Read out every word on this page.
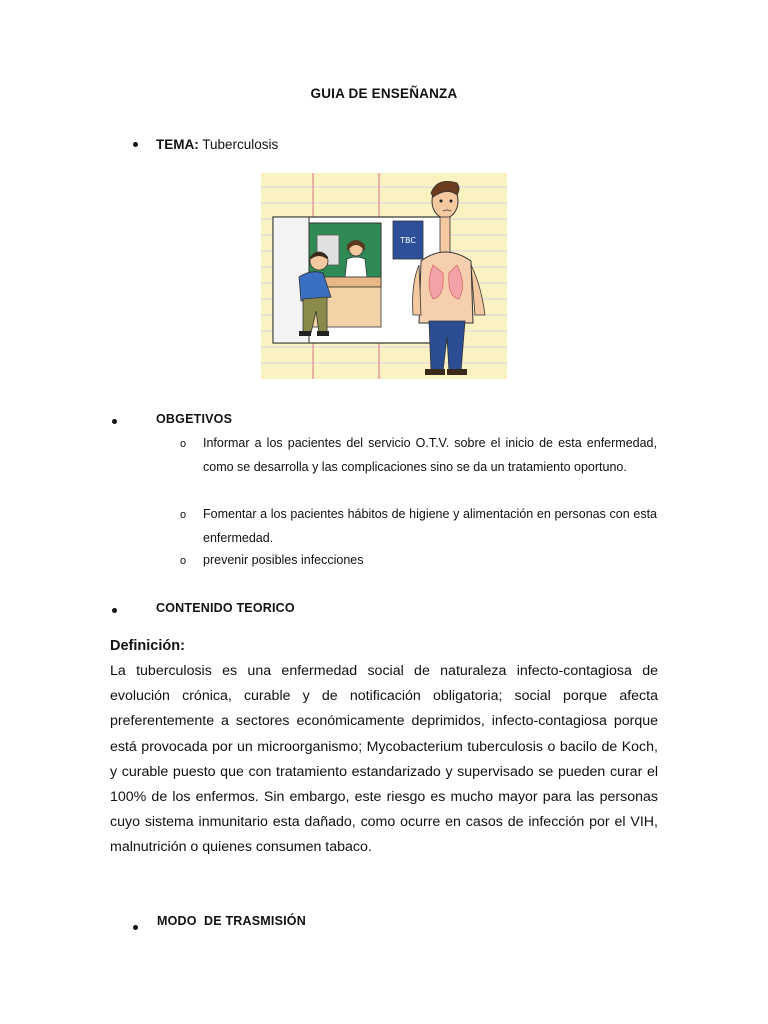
GUIA DE ENSEÑANZA
TEMA: Tuberculosis
TBC
OBGETIVOS
o Informar a los pacientes del servicio O.T.V. sobre el inicio de esta enfermedad, como se desarrolla y las complicaciones sino se da un tratamiento oportuno.
o Fomentar a los pacientes hábitos de higiene y alimentación en personas con esta enfermedad.
o prevenir posibles infecciones
CONTENIDO TEORICO
Definición:
La tuberculosis es una enfermedad social de naturaleza infecto-contagiosa de evolución crónica, curable y de notificación obligatoria; social porque afecta preferentemente a sectores económicamente deprimidos, infecto-contagiosa porque está provocada por un microorganismo; Mycobacterium tuberculosis o bacilo de Koch, y curable puesto que con tratamiento estandarizado y supervisado se pueden curar el 100% de los enfermos. Sin embargo, este riesgo es mucho mayor para las personas cuyo sistema inmunitario esta dañado, como ocurre en casos de infección por el VIH, malnutrición o quienes consumen tabaco.
MODO  DE TRASMISIÓN
